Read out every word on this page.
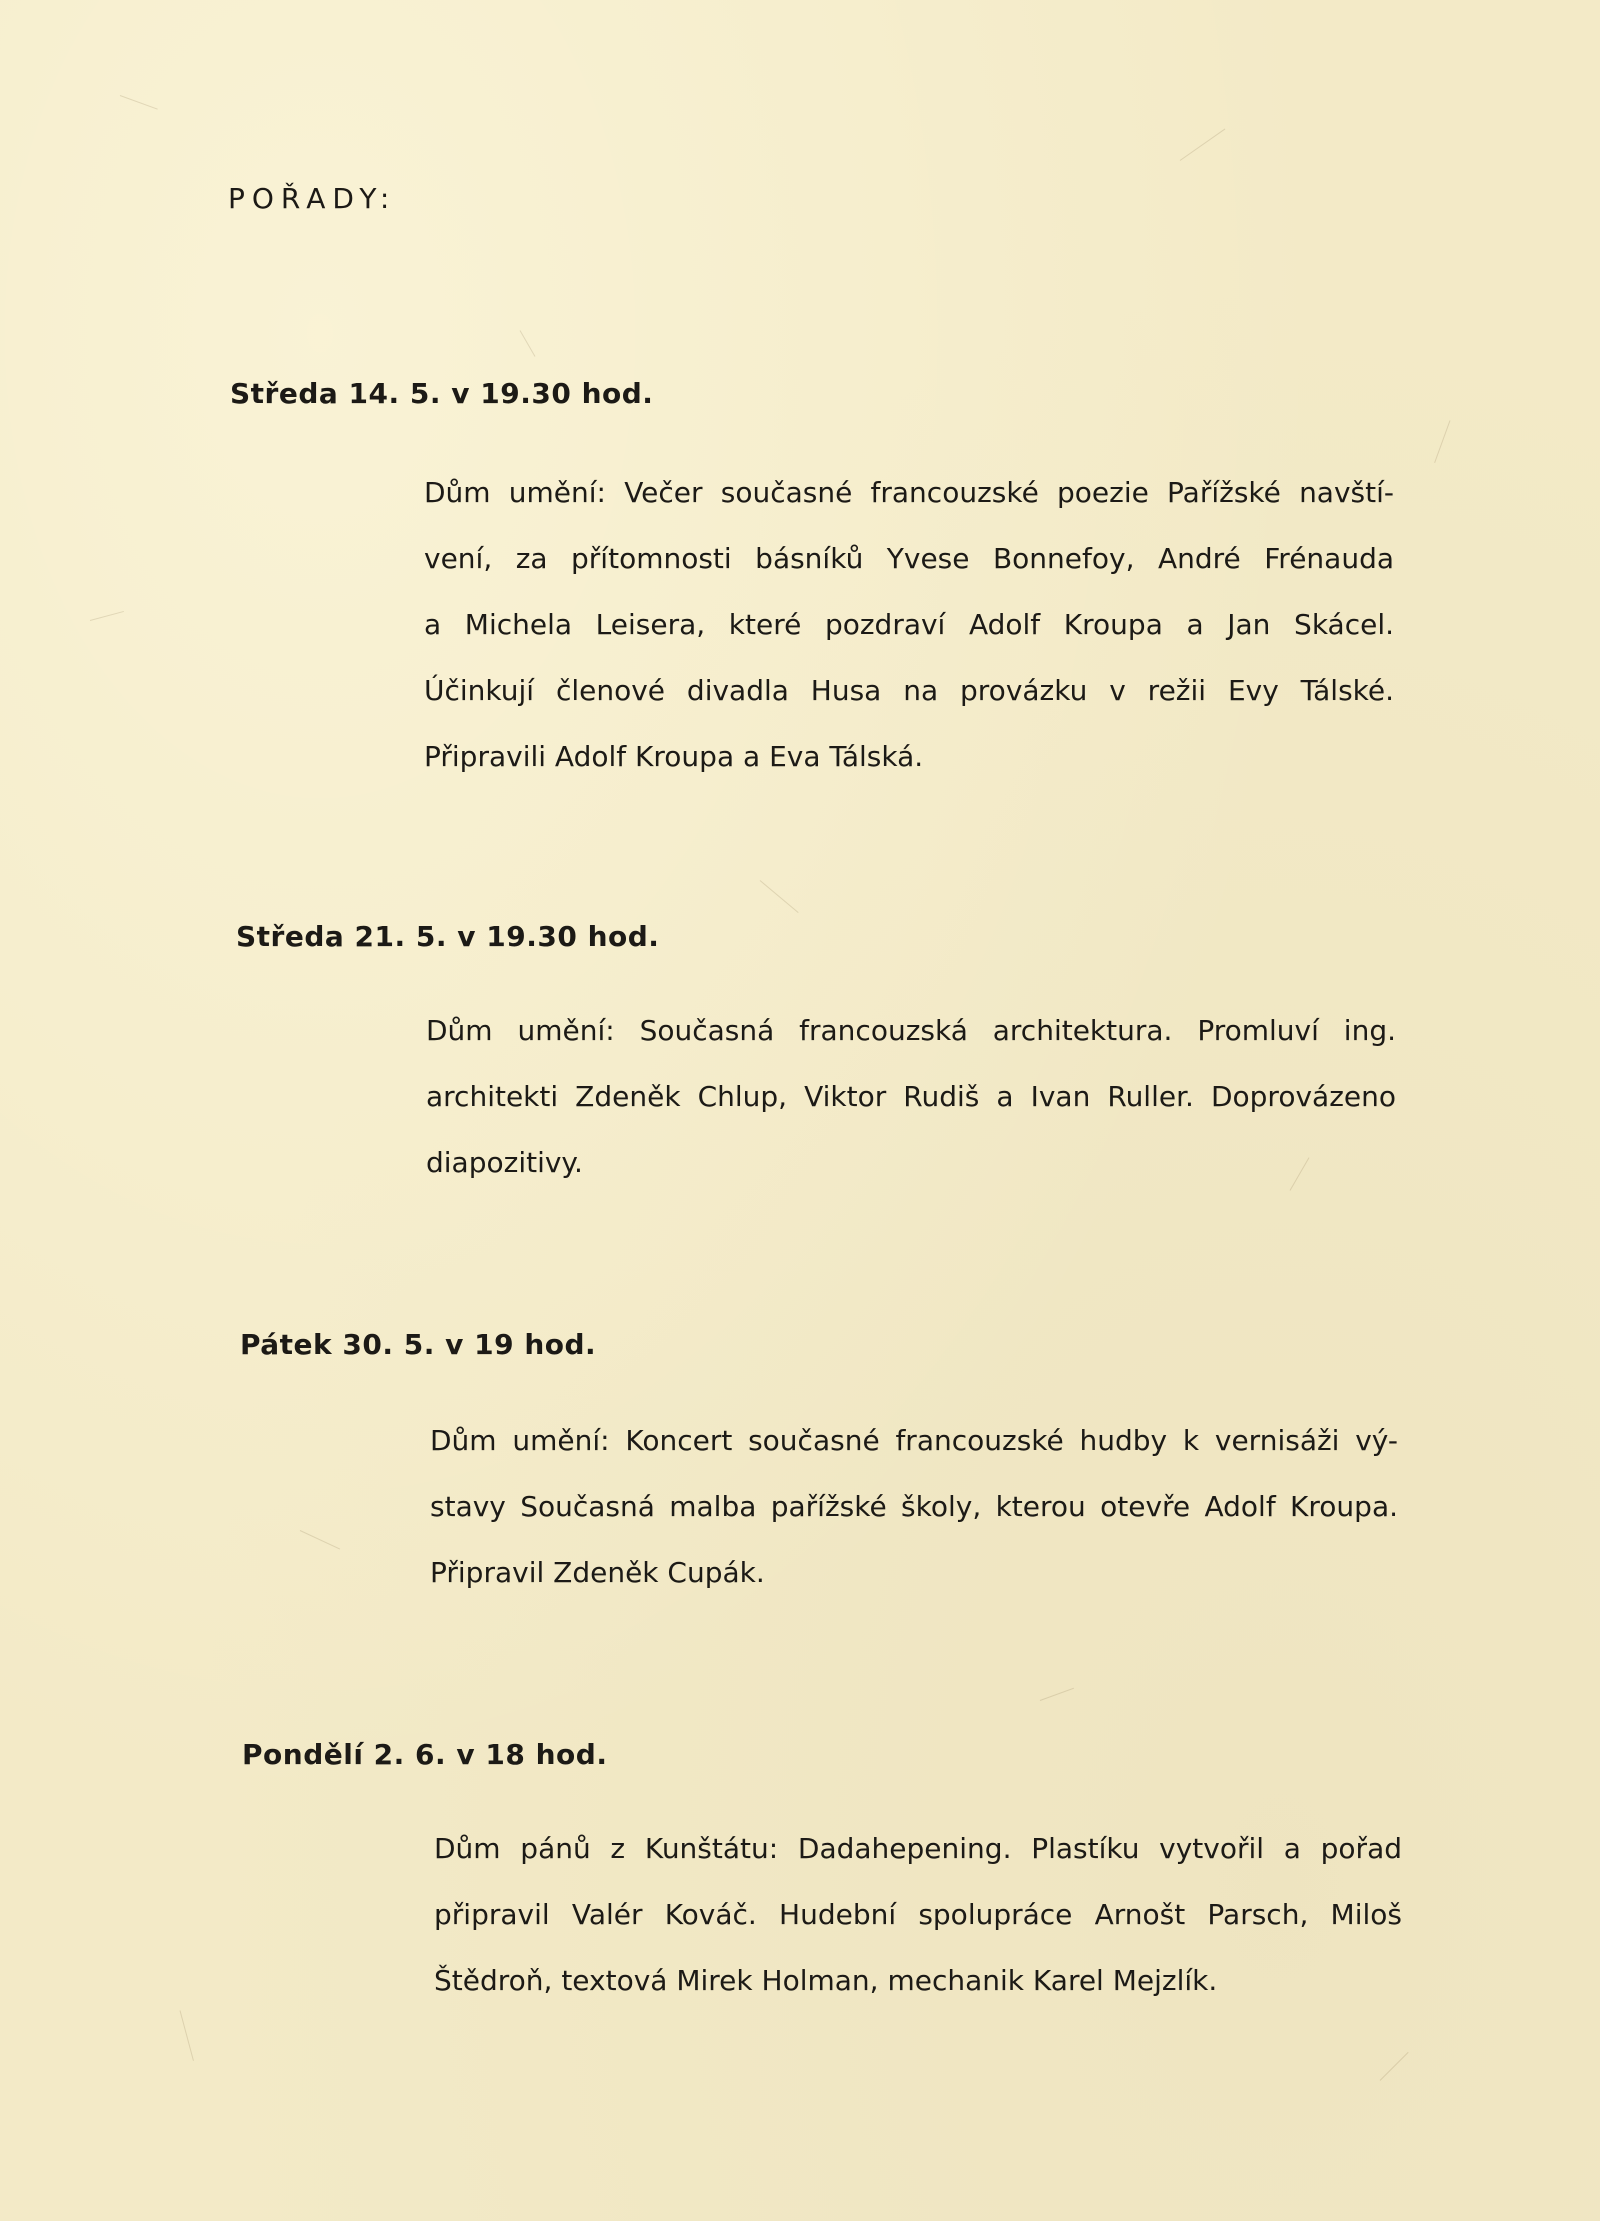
POŘADY:
Středa 14. 5. v 19.30 hod.
Dům umění: Večer současné francouzské poezie Pařížské navští-
vení, za přítomnosti básníků Yvese Bonnefoy, André Frénauda
a Michela Leisera, které pozdraví Adolf Kroupa a Jan Skácel.
Účinkují členové divadla Husa na provázku v režii Evy Tálské.
Připravili Adolf Kroupa a Eva Tálská.
Středa 21. 5. v 19.30 hod.
Dům umění: Současná francouzská architektura. Promluví ing.
architekti Zdeněk Chlup, Viktor Rudiš a Ivan Ruller. Doprovázeno
diapozitivy.
Pátek 30. 5. v 19 hod.
Dům umění: Koncert současné francouzské hudby k vernisáži vý-
stavy Současná malba pařížské školy, kterou otevře Adolf Kroupa.
Připravil Zdeněk Cupák.
Pondělí 2. 6. v 18 hod.
Dům pánů z Kunštátu: Dadahepening. Plastíku vytvořil a pořad
připravil Valér Kováč. Hudební spolupráce Arnošt Parsch, Miloš
Štědroň, textová Mirek Holman, mechanik Karel Mejzlík.
